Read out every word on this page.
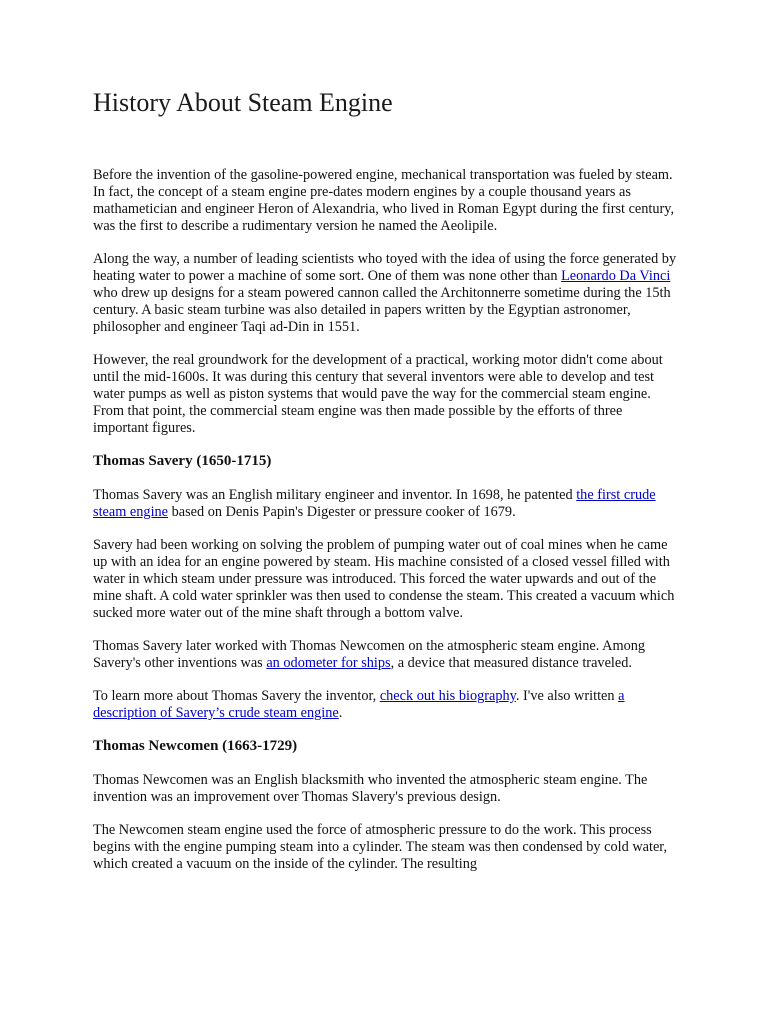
History About Steam Engine

Before the invention of the gasoline-powered engine, mechanical transportation was fueled by steam. In fact, the concept of a steam engine pre-dates modern engines by a couple thousand years as mathametician and engineer Heron of Alexandria, who lived in Roman Egypt during the first century, was the first to describe a rudimentary version he named the Aeolipile.

Along the way, a number of leading scientists who toyed with the idea of using the force generated by heating water to power a machine of some sort. One of them was none other than Leonardo Da Vinci who drew up designs for a steam powered cannon called the Architonnerre sometime during the 15th century. A basic steam turbine was also detailed in papers written by the Egyptian astronomer, philosopher and engineer Taqi ad-Din in 1551.

However, the real groundwork for the development of a practical, working motor didn't come about until the mid-1600s. It was during this century that several inventors were able to develop and test water pumps as well as piston systems that would pave the way for the commercial steam engine. From that point, the commercial steam engine was then made possible by the efforts of three important figures.

Thomas Savery (1650-1715)

Thomas Savery was an English military engineer and inventor. In 1698, he patented the first crude steam engine based on Denis Papin's Digester or pressure cooker of 1679.

Savery had been working on solving the problem of pumping water out of coal mines when he came up with an idea for an engine powered by steam. His machine consisted of a closed vessel filled with water in which steam under pressure was introduced. This forced the water upwards and out of the mine shaft. A cold water sprinkler was then used to condense the steam. This created a vacuum which sucked more water out of the mine shaft through a bottom valve.

Thomas Savery later worked with Thomas Newcomen on the atmospheric steam engine. Among Savery's other inventions was an odometer for ships, a device that measured distance traveled.

To learn more about Thomas Savery the inventor, check out his biography. I've also written a description of Savery’s crude steam engine.

Thomas Newcomen (1663-1729)

Thomas Newcomen was an English blacksmith who invented the atmospheric steam engine. The invention was an improvement over Thomas Slavery's previous design.

The Newcomen steam engine used the force of atmospheric pressure to do the work. This process begins with the engine pumping steam into a cylinder. The steam was then condensed by cold water, which created a vacuum on the inside of the cylinder. The resulting
